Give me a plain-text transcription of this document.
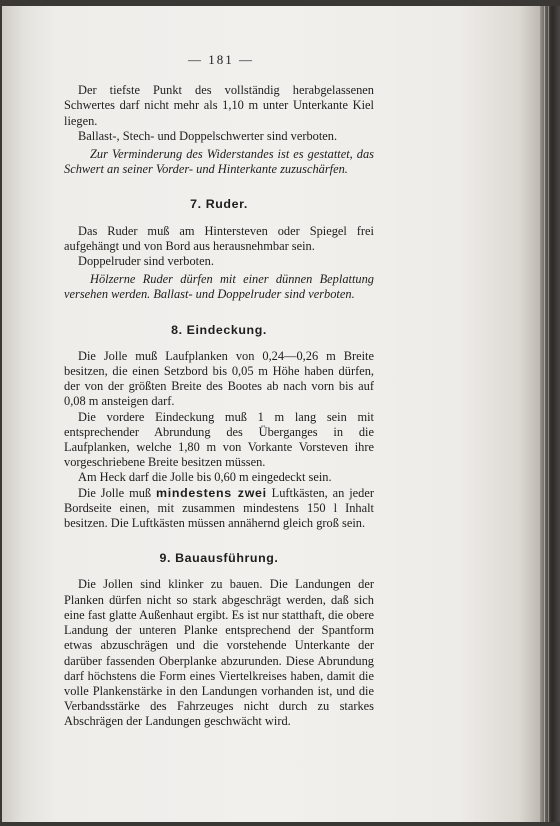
— 181 —

Der tiefste Punkt des vollständig herabgelassenen Schwertes darf nicht mehr als 1,10 m unter Unterkante Kiel liegen.

Ballast-, Stech- und Doppelschwerter sind verboten.

Zur Verminderung des Widerstandes ist es gestattet, das Schwert an seiner Vorder- und Hinterkante zuzuschärfen.

7. Ruder.

Das Ruder muß am Hintersteven oder Spiegel frei aufgehängt und von Bord aus herausnehmbar sein.

Doppelruder sind verboten.

Hölzerne Ruder dürfen mit einer dünnen Beplattung versehen werden. Ballast- und Doppelruder sind verboten.

8. Eindeckung.

Die Jolle muß Laufplanken von 0,24—0,26 m Breite besitzen, die einen Setzbord bis 0,05 m Höhe haben dürfen, der von der größten Breite des Bootes ab nach vorn bis auf 0,08 m ansteigen darf.

Die vordere Eindeckung muß 1 m lang sein mit entsprechender Abrundung des Überganges in die Laufplanken, welche 1,80 m von Vorkante Vorsteven ihre vorgeschriebene Breite besitzen müssen.

Am Heck darf die Jolle bis 0,60 m eingedeckt sein.

Die Jolle muß mindestens zwei Luftkästen, an jeder Bordseite einen, mit zusammen mindestens 150 l Inhalt besitzen. Die Luftkästen müssen annähernd gleich groß sein.

9. Bauausführung.

Die Jollen sind klinker zu bauen. Die Landungen der Planken dürfen nicht so stark abgeschrägt werden, daß sich eine fast glatte Außenhaut ergibt. Es ist nur statthaft, die obere Landung der unteren Planke entsprechend der Spantform etwas abzuschrägen und die vorstehende Unterkante der darüber fassenden Oberplanke abzurunden. Diese Abrundung darf höchstens die Form eines Viertelkreises haben, damit die volle Plankenstärke in den Landungen vorhanden ist, und die Verbandsstärke des Fahrzeuges nicht durch zu starkes Abschrägen der Landungen geschwächt wird.
